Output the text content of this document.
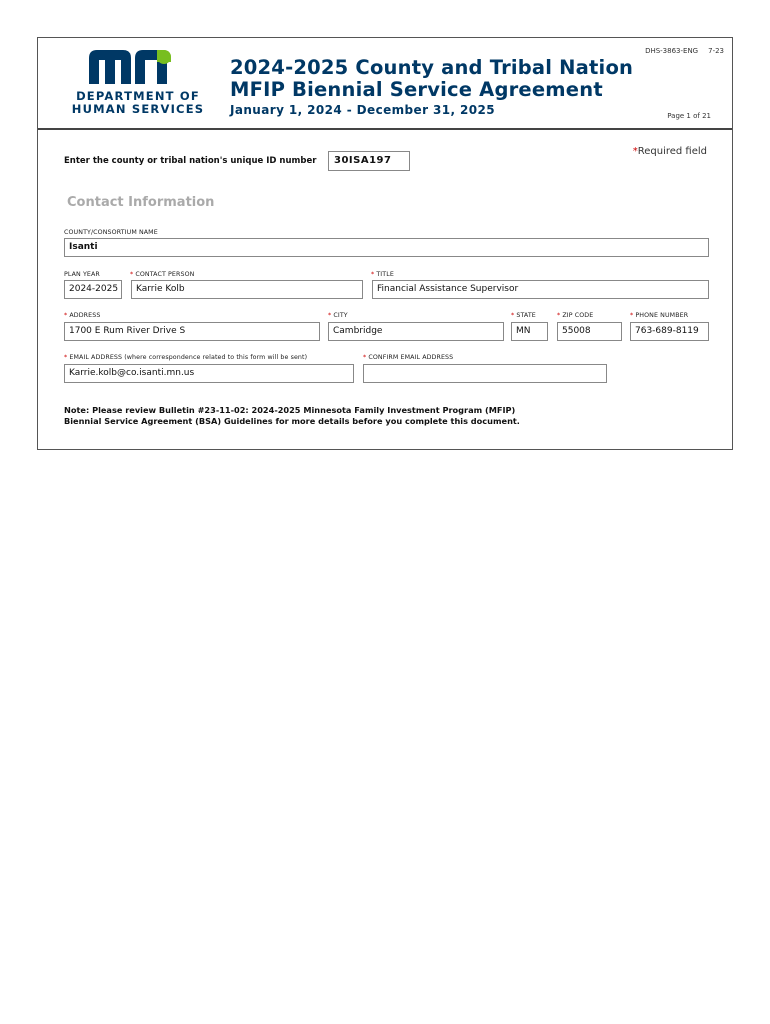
DEPARTMENT OF
HUMAN SERVICES
2024-2025 County and Tribal Nation
MFIP Biennial Service Agreement
January 1, 2024 - December 31, 2025
DHS-3863-ENG 7-23
Page 1 of 21
*Required field
Enter the county or tribal nation's unique ID number	30ISA197
Contact Information
COUNTY/CONSORTIUM NAME
Isanti
PLAN YEAR
2024-2025
* CONTACT PERSON
Karrie Kolb
* TITLE
Financial Assistance Supervisor
* ADDRESS
1700 E Rum River Drive S
* CITY
Cambridge
* STATE
MN
* ZIP CODE
55008
* PHONE NUMBER
763-689-8119
* EMAIL ADDRESS (where correspondence related to this form will be sent)
Karrie.kolb@co.isanti.mn.us
* CONFIRM EMAIL ADDRESS
Note: Please review Bulletin #23-11-02: 2024-2025 Minnesota Family Investment Program (MFIP)
Biennial Service Agreement (BSA) Guidelines for more details before you complete this document.
